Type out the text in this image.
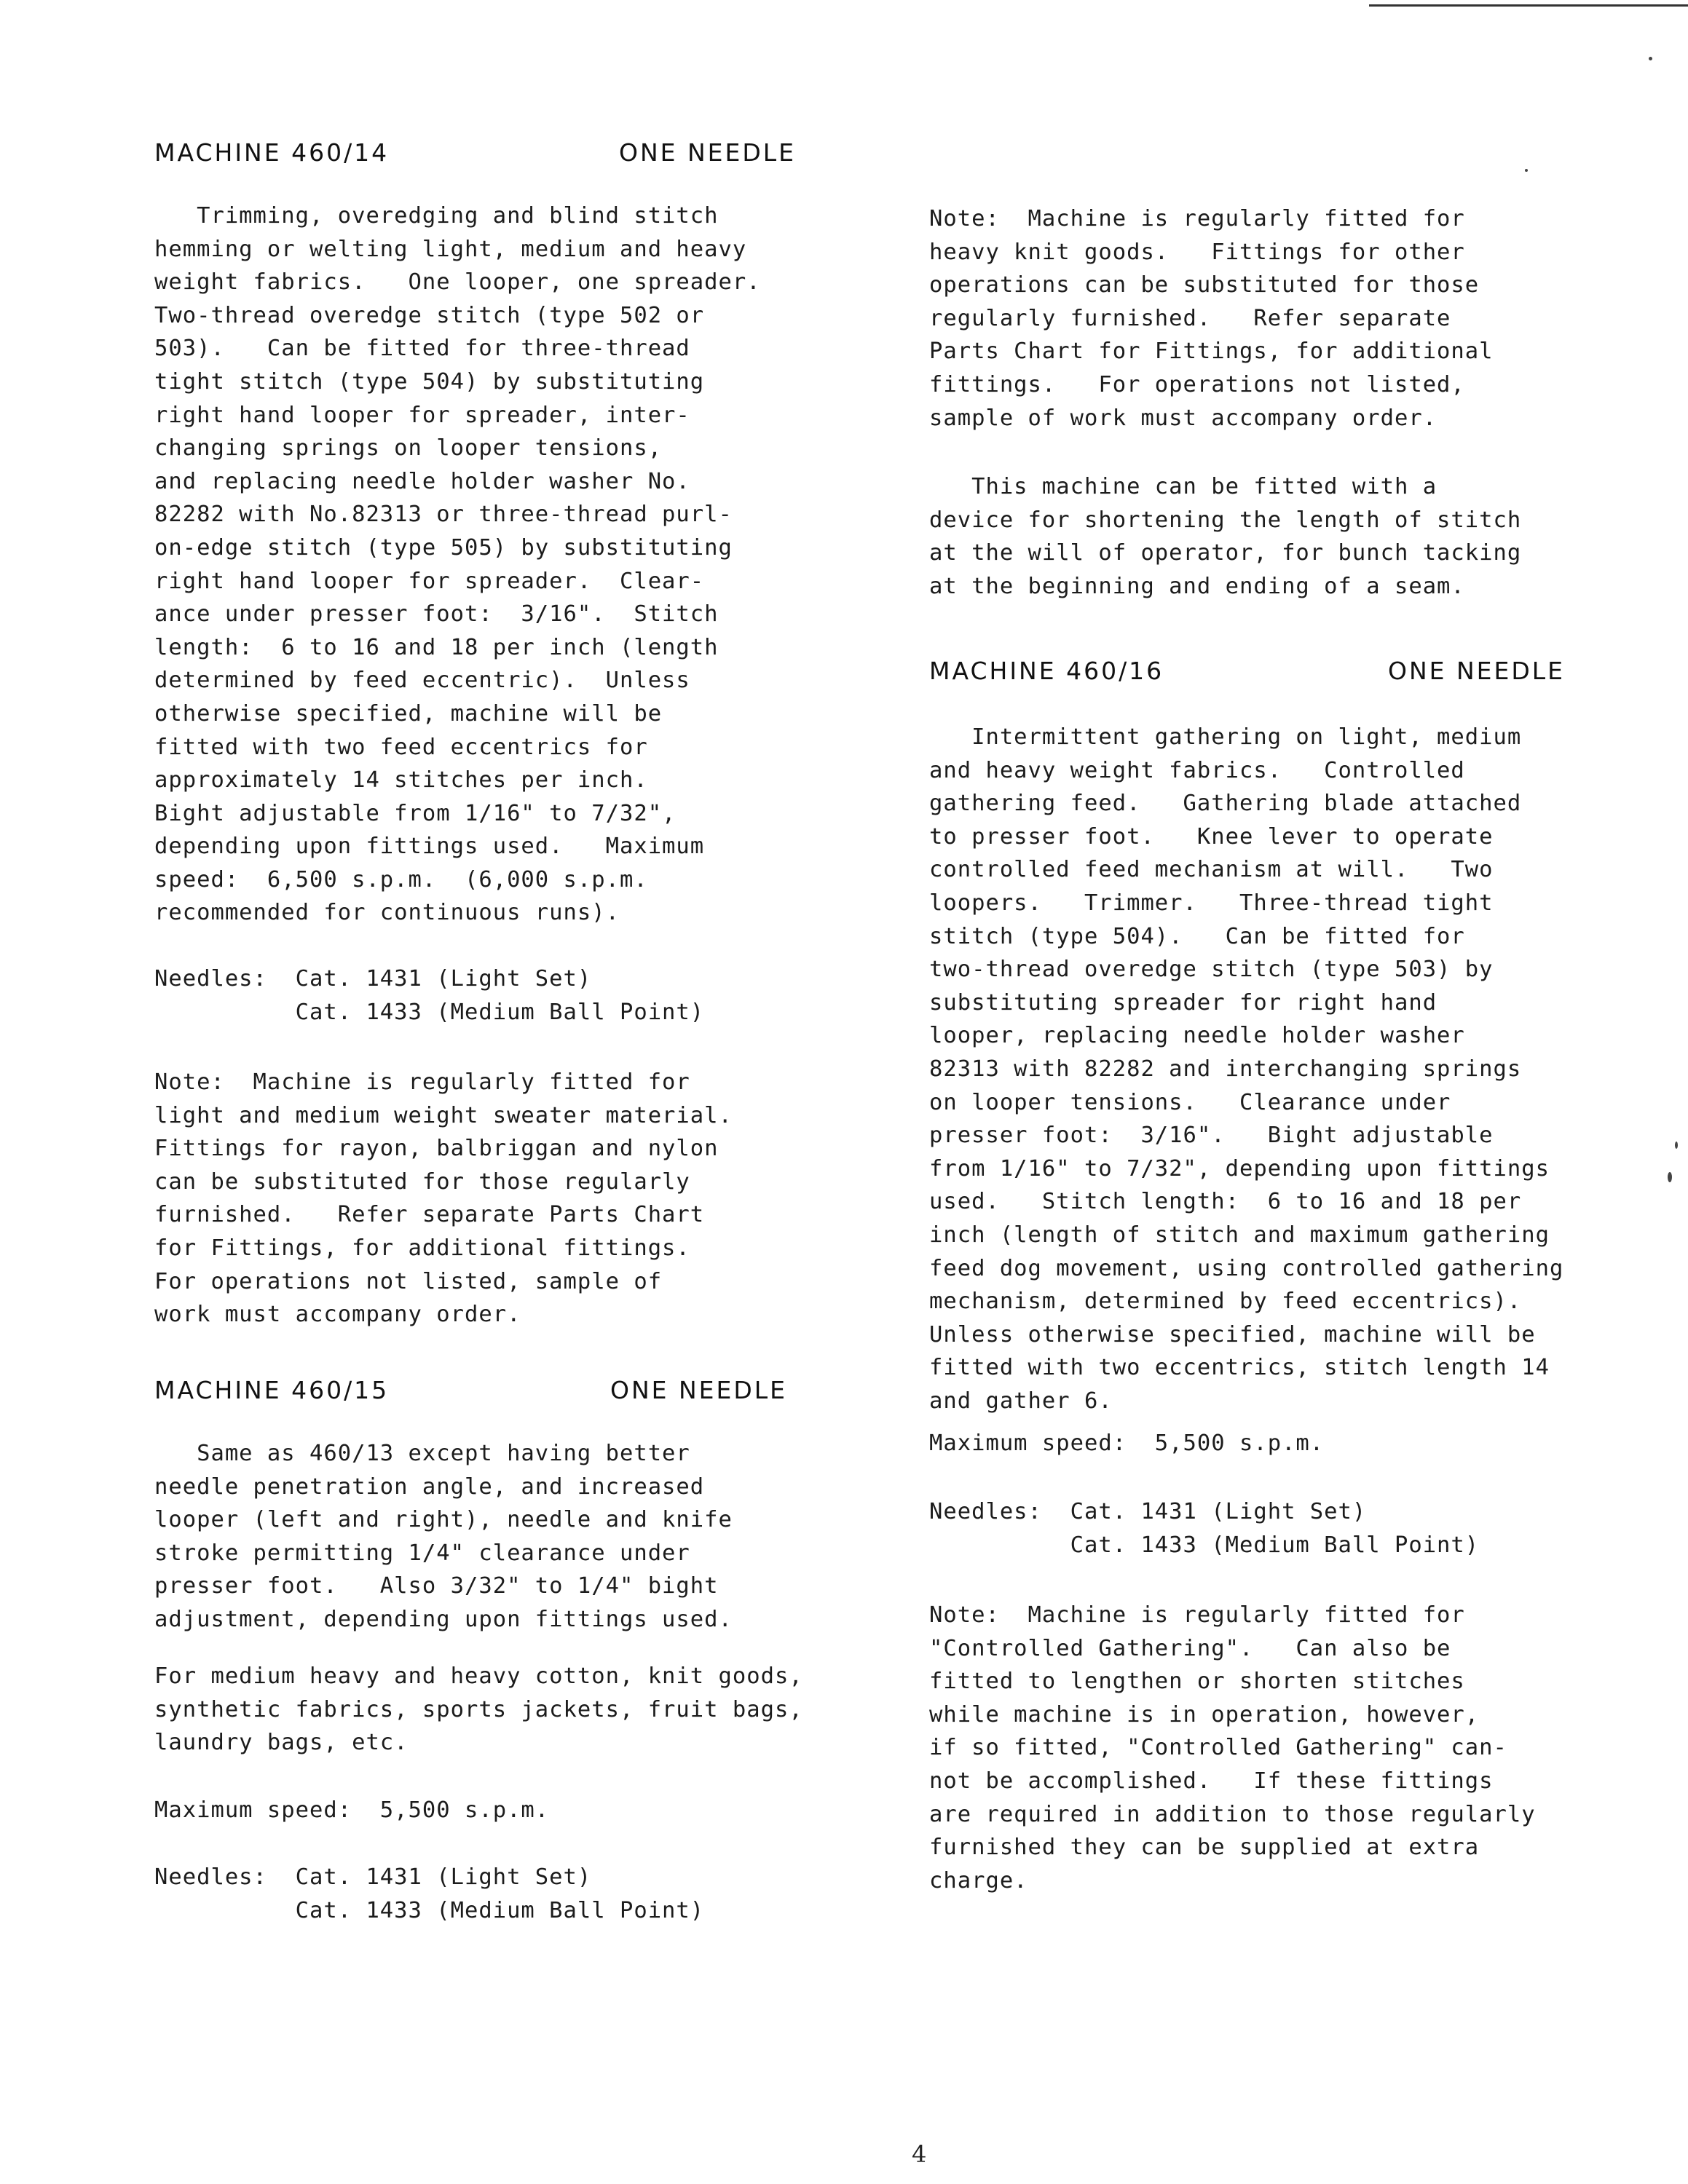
MACHINE 460/14	ONE NEEDLE
Trimming, overedging and blind stitch
hemming or welting light, medium and heavy
weight fabrics.   One looper, one spreader.
Two-thread overedge stitch (type 502 or
503).   Can be fitted for three-thread
tight stitch (type 504) by substituting
right hand looper for spreader, inter-
changing springs on looper tensions,
and replacing needle holder washer No.
82282 with No.82313 or three-thread purl-
on-edge stitch (type 505) by substituting
right hand looper for spreader.  Clear-
ance under presser foot:  3/16".  Stitch
length:  6 to 16 and 18 per inch (length
determined by feed eccentric).  Unless
otherwise specified, machine will be
fitted with two feed eccentrics for
approximately 14 stitches per inch.
Bight adjustable from 1/16" to 7/32",
depending upon fittings used.   Maximum
speed:  6,500 s.p.m.  (6,000 s.p.m.
recommended for continuous runs).
Needles:  Cat. 1431 (Light Set)
Cat. 1433 (Medium Ball Point)
Note:  Machine is regularly fitted for
light and medium weight sweater material.
Fittings for rayon, balbriggan and nylon
can be substituted for those regularly
furnished.   Refer separate Parts Chart
for Fittings, for additional fittings.
For operations not listed, sample of
work must accompany order.
MACHINE 460/15	ONE NEEDLE
Same as 460/13 except having better
needle penetration angle, and increased
looper (left and right), needle and knife
stroke permitting 1/4" clearance under
presser foot.   Also 3/32" to 1/4" bight
adjustment, depending upon fittings used.
For medium heavy and heavy cotton, knit goods,
synthetic fabrics, sports jackets, fruit bags,
laundry bags, etc.
Maximum speed:  5,500 s.p.m.
Needles:  Cat. 1431 (Light Set)
Cat. 1433 (Medium Ball Point)
Note:  Machine is regularly fitted for
heavy knit goods.   Fittings for other
operations can be substituted for those
regularly furnished.   Refer separate
Parts Chart for Fittings, for additional
fittings.   For operations not listed,
sample of work must accompany order.
This machine can be fitted with a
device for shortening the length of stitch
at the will of operator, for bunch tacking
at the beginning and ending of a seam.
MACHINE 460/16	ONE NEEDLE
Intermittent gathering on light, medium
and heavy weight fabrics.   Controlled
gathering feed.   Gathering blade attached
to presser foot.   Knee lever to operate
controlled feed mechanism at will.   Two
loopers.   Trimmer.   Three-thread tight
stitch (type 504).   Can be fitted for
two-thread overedge stitch (type 503) by
substituting spreader for right hand
looper, replacing needle holder washer
82313 with 82282 and interchanging springs
on looper tensions.   Clearance under
presser foot:  3/16".   Bight adjustable
from 1/16" to 7/32", depending upon fittings
used.   Stitch length:  6 to 16 and 18 per
inch (length of stitch and maximum gathering
feed dog movement, using controlled gathering
mechanism, determined by feed eccentrics).
Unless otherwise specified, machine will be
fitted with two eccentrics, stitch length 14
and gather 6.
Maximum speed:  5,500 s.p.m.
Needles:  Cat. 1431 (Light Set)
Cat. 1433 (Medium Ball Point)
Note:  Machine is regularly fitted for
"Controlled Gathering".   Can also be
fitted to lengthen or shorten stitches
while machine is in operation, however,
if so fitted, "Controlled Gathering" can-
not be accomplished.   If these fittings
are required in addition to those regularly
furnished they can be supplied at extra
charge.
4
